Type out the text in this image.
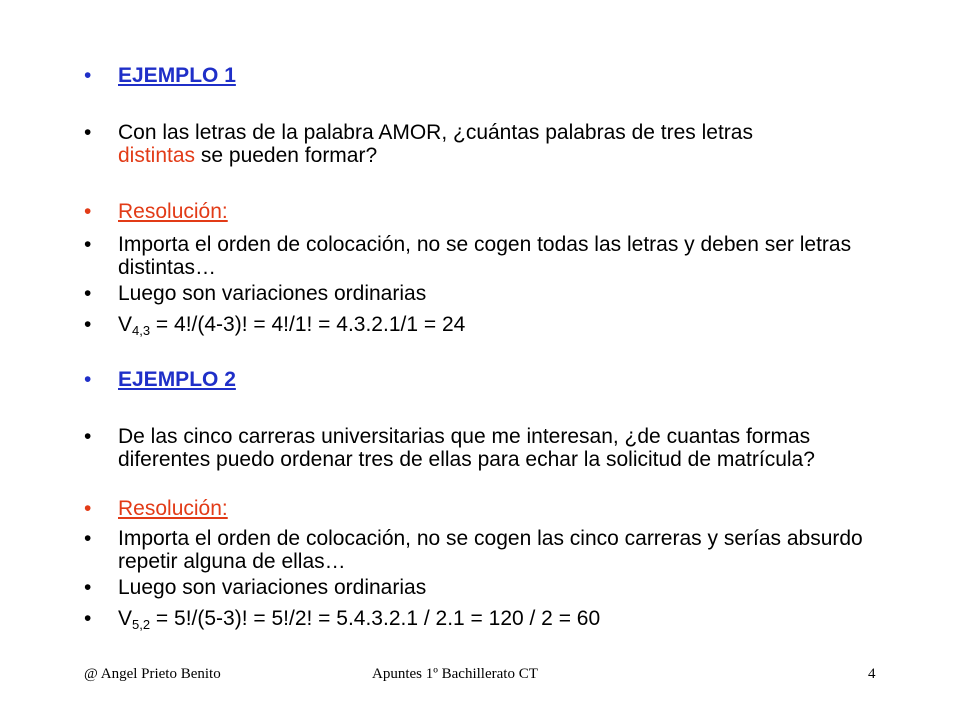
•	EJEMPLO 1
•	Con las letras de la palabra AMOR, ¿cuántas palabras de tres letras
distintas se pueden formar?
•	Resolución:
•	Importa el orden de colocación, no se cogen todas las letras y deben ser letras distintas…
•	Luego son variaciones ordinarias
•	$V_{4,3} = 4!/(4-3)$! = 4!/1! = 4.3.2.1/1 = 24
•	EJEMPLO 2
•	De las cinco carreras universitarias que me interesan, ¿de cuantas formas diferentes puedo ordenar tres de ellas para echar la solicitud de matrícula?
•	Resolución:
•	Importa el orden de colocación, no se cogen las cinco carreras y serías absurdo repetir alguna de ellas…
•	Luego son variaciones ordinarias
•	$V_{5,2} = 5!/(5-3)$! = 5!/2! = 5.4.3.2.1 / 2.1 = 120 / 2 = 60
@ Angel Prieto Benito	Apuntes 1º Bachillerato CT	4
